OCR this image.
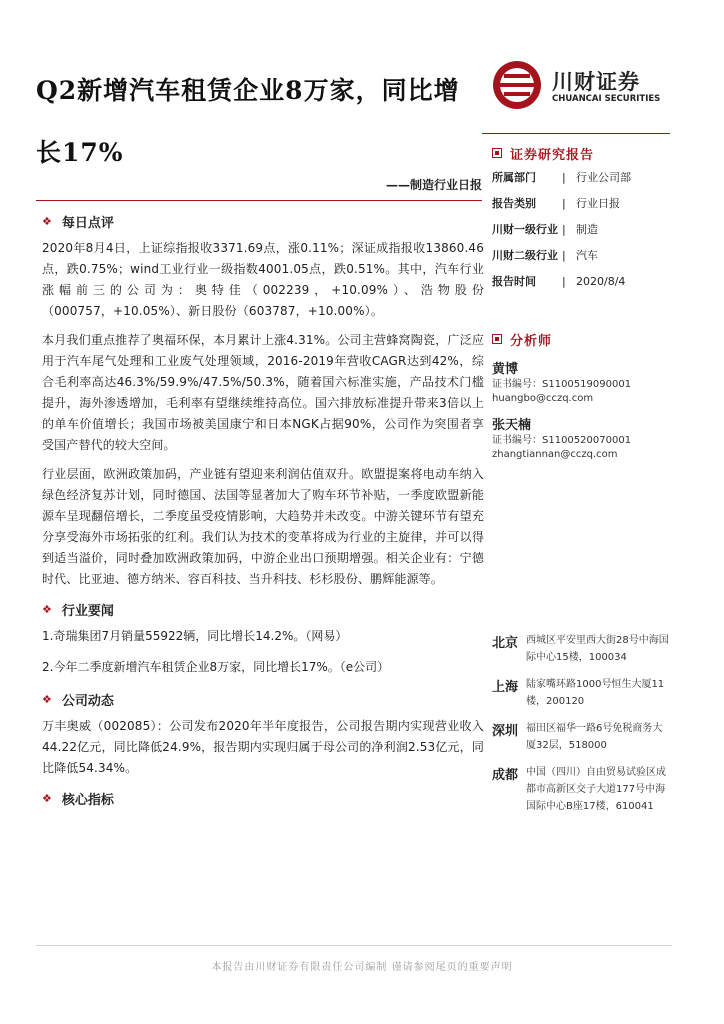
Q2新增汽车租赁企业8万家，同比增长17%
川财证券
CHUANCAI SECURITIES
——制造行业日报
❖ 每日点评

2020年8月4日，上证综指报收3371.69点，涨0.11%；深证成指报收13860.46点，跌0.75%；wind工业行业一级指数4001.05点，跌0.51%。其中，汽车行业涨幅前三的公司为：奥特佳（002239，+10.09%）、浩物股份（000757，+10.05%）、新日股份（603787，+10.00%）。

本月我们重点推荐了奥福环保，本月累计上涨4.31%。公司主营蜂窝陶瓷，广泛应用于汽车尾气处理和工业废气处理领域，2016-2019年营收CAGR达到42%，综合毛利率高达46.3%/59.9%/47.5%/50.3%，随着国六标准实施，产品技术门槛提升，海外渗透增加，毛利率有望继续维持高位。国六排放标准提升带来3倍以上的单车价值增长；我国市场被美国康宁和日本NGK占据90%，公司作为突围者享受国产替代的较大空间。

行业层面，欧洲政策加码，产业链有望迎来利润估值双升。欧盟提案将电动车纳入绿色经济复苏计划，同时德国、法国等显著加大了购车环节补贴，一季度欧盟新能源车呈现翻倍增长，二季度虽受疫情影响，大趋势并未改变。中游关键环节有望充分享受海外市场拓张的红利。我们认为技术的变革将成为行业的主旋律，并可以得到适当溢价，同时叠加欧洲政策加码，中游企业出口预期增强。相关企业有：宁德时代、比亚迪、德方纳米、容百科技、当升科技、杉杉股份、鹏辉能源等。

❖ 行业要闻
1.奇瑞集团7月销量55922辆，同比增长14.2%。（网易）
2.今年二季度新增汽车租赁企业8万家，同比增长17%。（e公司）
❖ 公司动态

万丰奥威（002085）：公司发布2020年半年度报告，公司报告期内实现营业收入44.22亿元，同比降低24.9%，报告期内实现归属于母公司的净利润2.53亿元，同比降低54.34%。

❖ 核心指标
证券研究报告
所属部门	| 行业公司部
报告类别	| 行业日报
川财一级行业 | 制造
川财二级行业 | 汽车
报告时间	| 2020/8/4
分析师
黄博
证书编号：S1100519090001
huangbo@cczq.com
张天楠
证书编号：S1100520070001
zhangtiannan@cczq.com
北京 西城区平安里西大街28号中海国际中心15楼，100034
上海 陆家嘴环路1000号恒生大厦11楼，200120
深圳 福田区福华一路6号免税商务大厦32层，518000
成都 中国（四川）自由贸易试验区成都市高新区交子大道177号中海国际中心B座17楼，610041
本报告由川财证券有限责任公司编制 谨请参阅尾页的重要声明
